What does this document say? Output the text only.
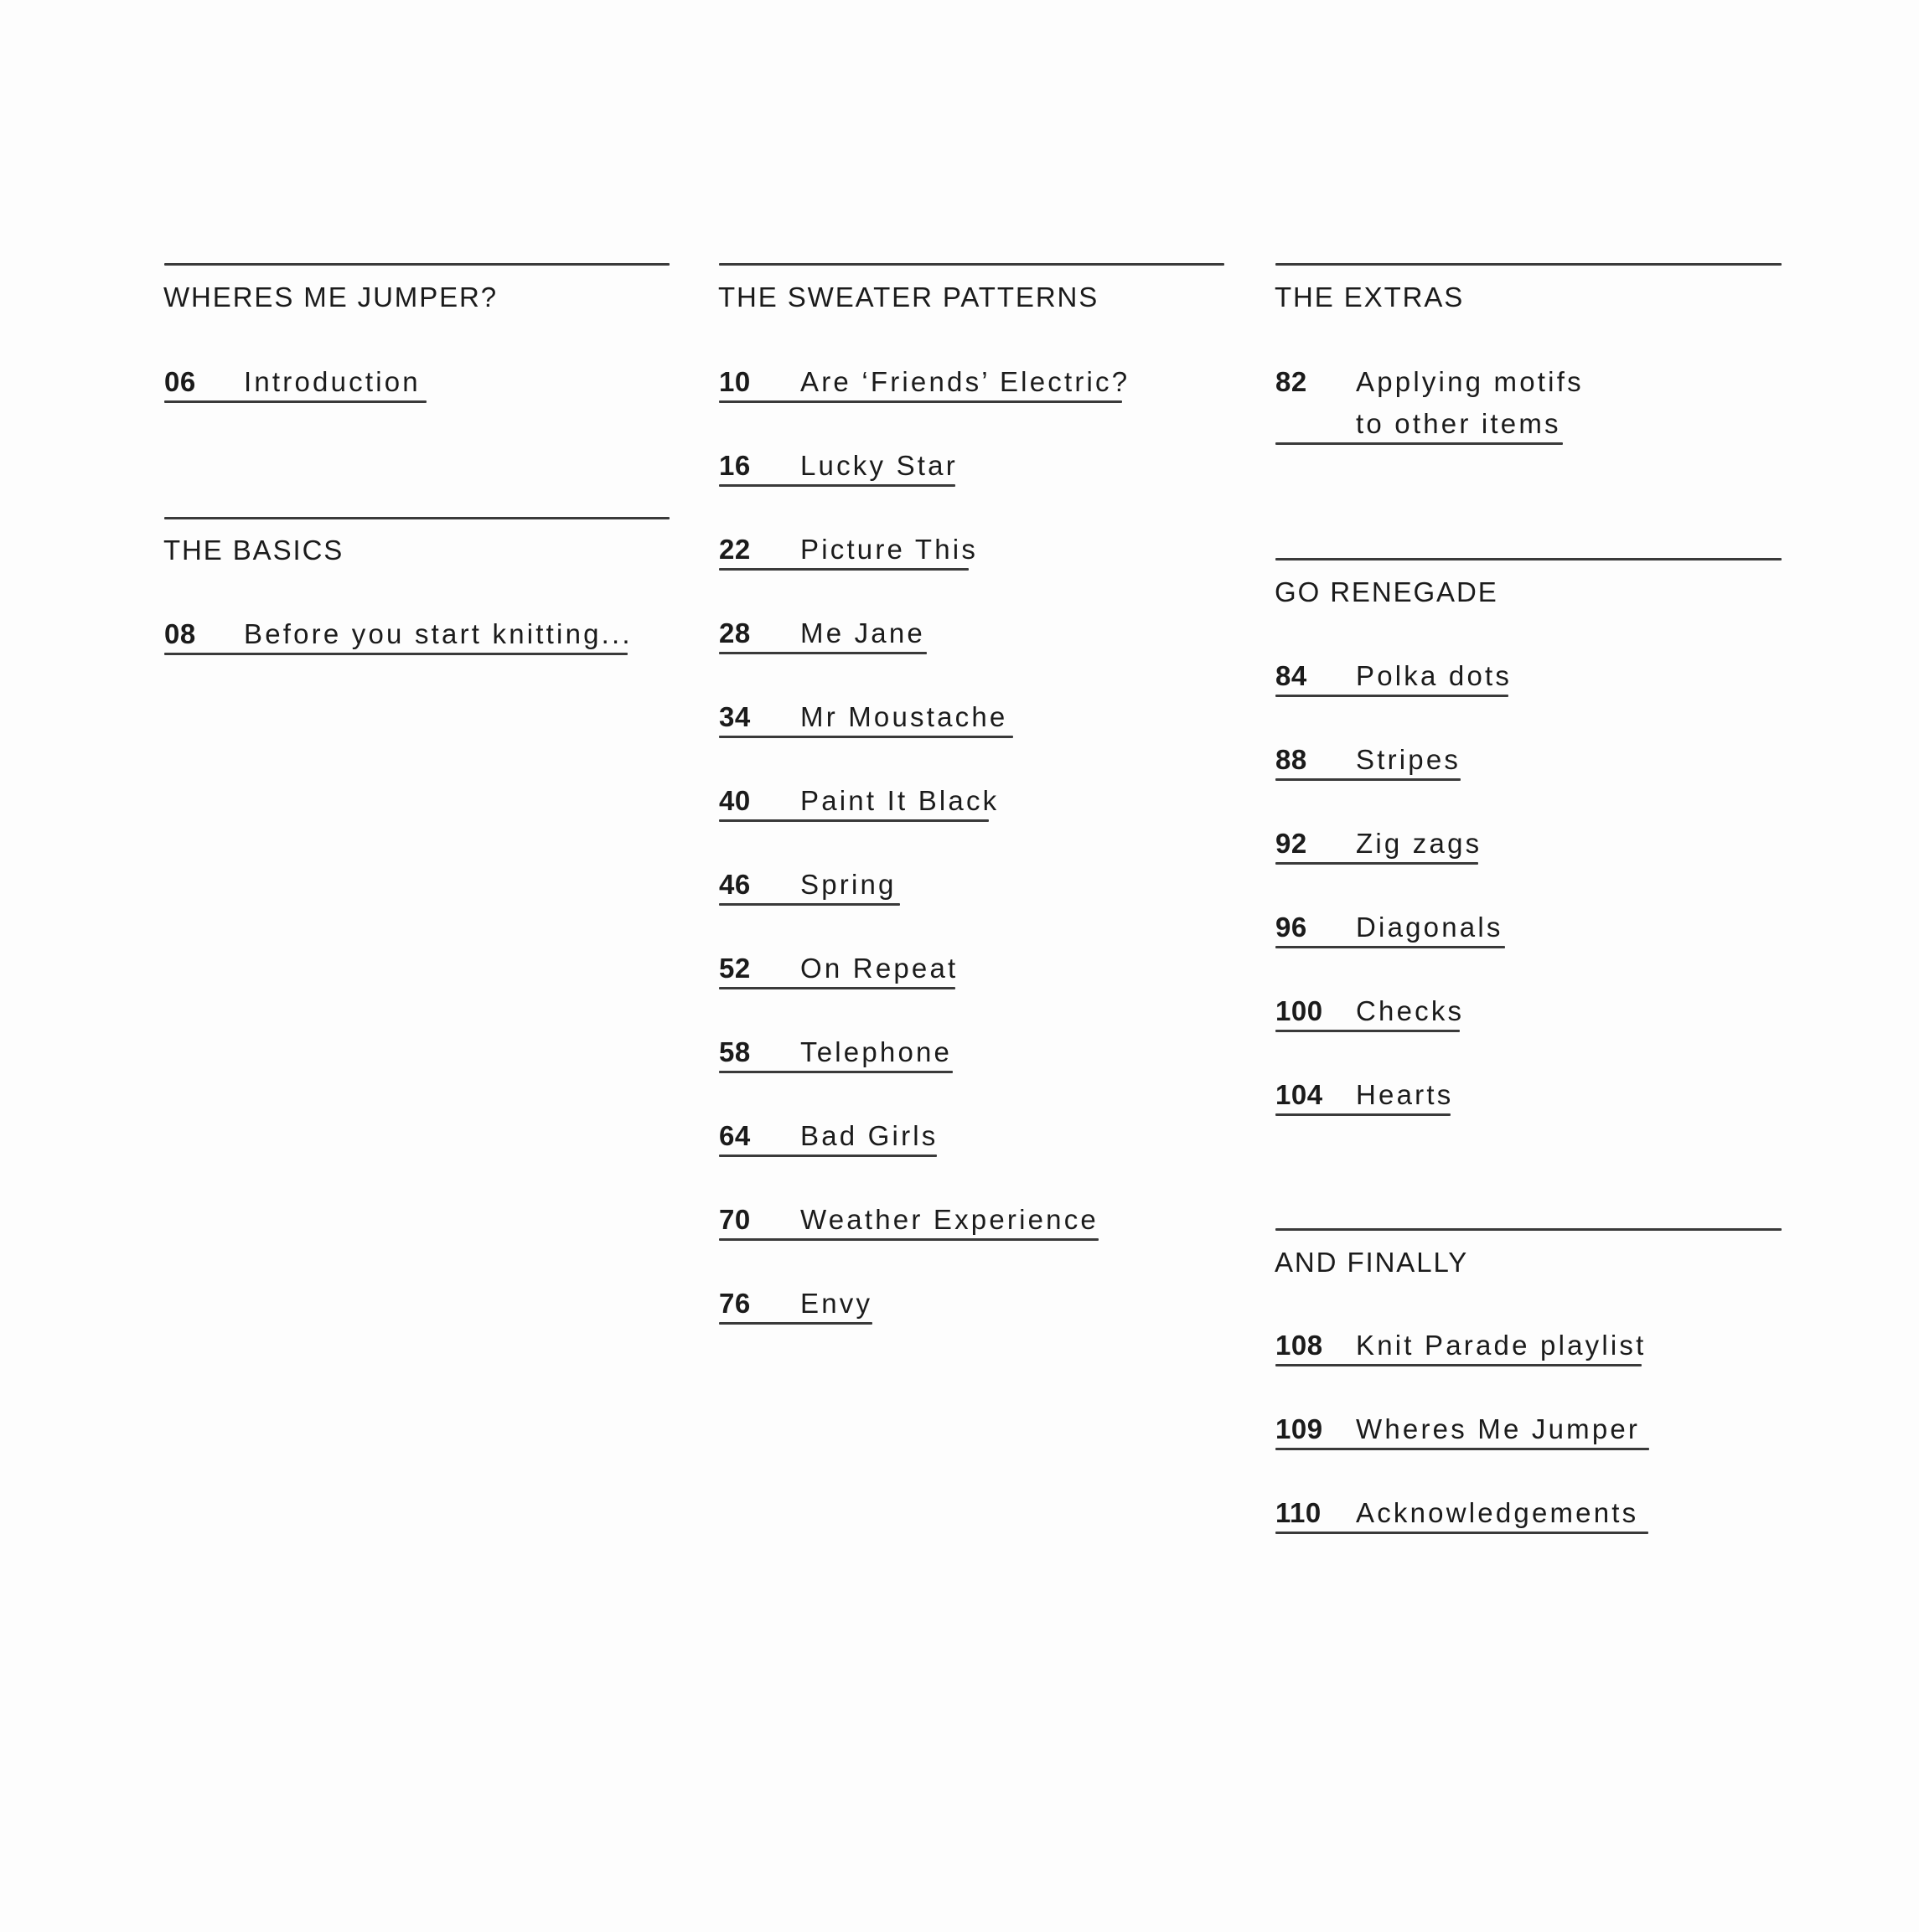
WHERES ME JUMPER?
06 Introduction
THE BASICS
08 Before you start knitting...
THE SWEATER PATTERNS
10 Are ‘Friends’ Electric?
16 Lucky Star
22 Picture This
28 Me Jane
34 Mr Moustache
40 Paint It Black
46 Spring
52 On Repeat
58 Telephone
64 Bad Girls
70 Weather Experience
76 Envy
THE EXTRAS
82 Applying motifs
to other items
GO RENEGADE
84 Polka dots
88 Stripes
92 Zig zags
96 Diagonals
100 Checks
104 Hearts
AND FINALLY
108 Knit Parade playlist
109 Wheres Me Jumper
110 Acknowledgements
